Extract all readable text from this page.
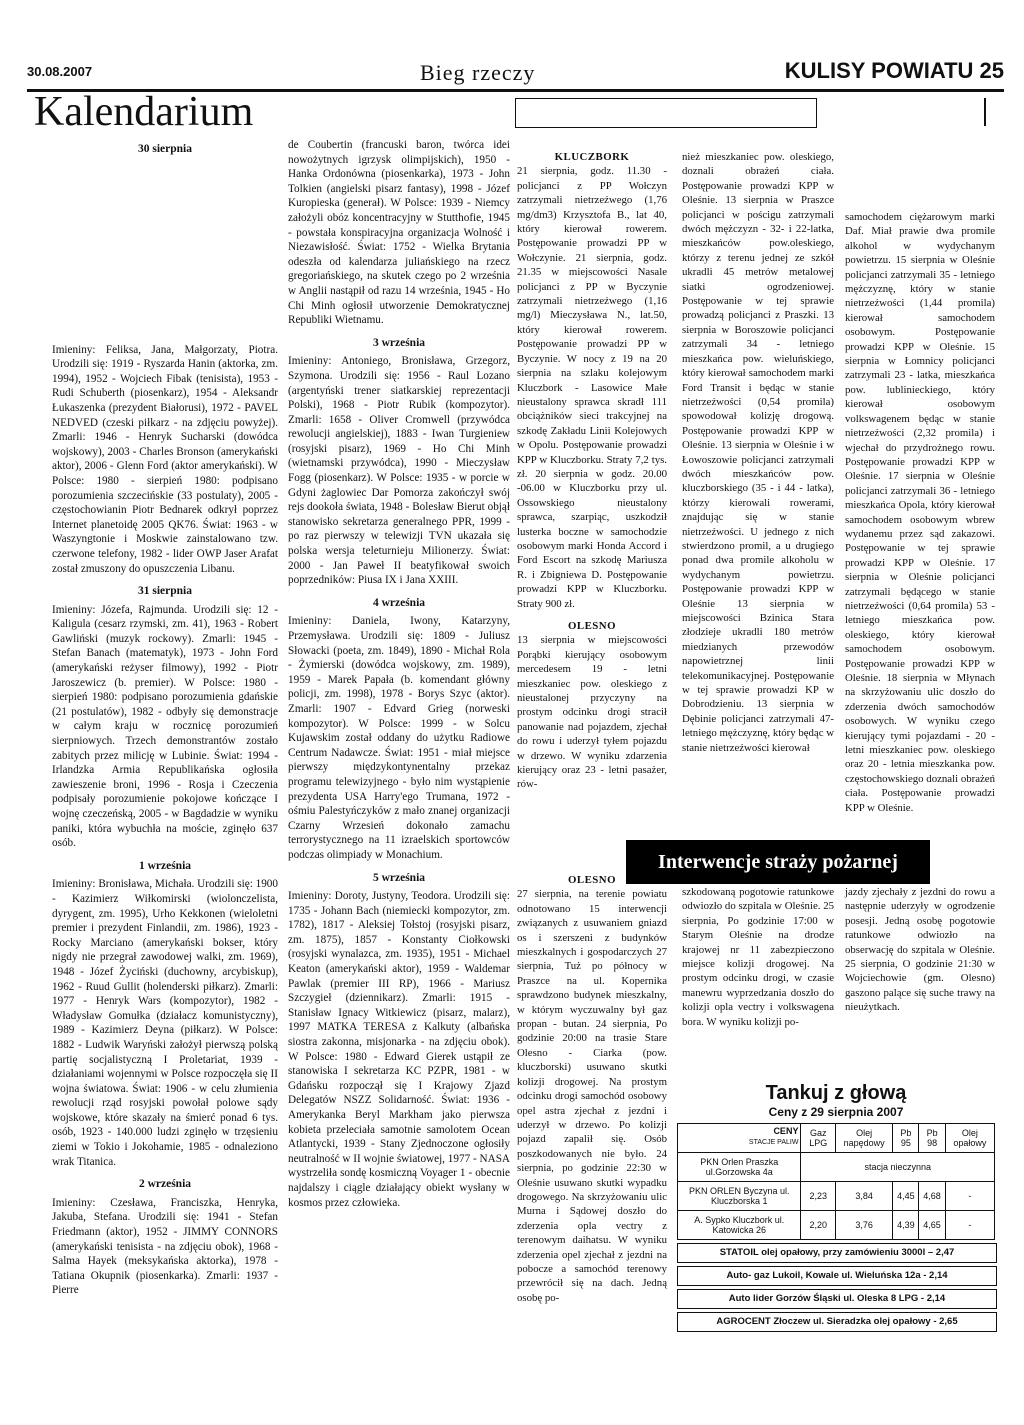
30.08.2007	Bieg rzeczy	KULISY POWIATU 25
Kalendarium
30 sierpnia

Imieniny: Feliksa, Jana, Małgorzaty, Piotra. Urodzili się: 1919 - Ryszarda Hanin (aktorka, zm. 1994), 1952 - Wojciech Fibak (tenisista), 1953 - Rudi Schuberth (piosenkarz), 1954 - Aleksandr Łukaszenka (prezydent Białorusi), 1972 - PAVEL NEDVED (czeski piłkarz - na zdjęciu powyżej). Zmarli: 1946 - Henryk Sucharski (dowódca wojskowy), 2003 - Charles Bronson (amerykański aktor), 2006 - Glenn Ford (aktor amerykański). W Polsce: 1980 - sierpień 1980: podpisano porozumienia szczecińskie (33 postulaty), 2005 - częstochowianin Piotr Bednarek odkrył poprzez Internet planetoidę 2005 QK76. Świat: 1963 - w Waszyngtonie i Moskwie zainstalowano tzw. czerwone telefony, 1982 - lider OWP Jaser Arafat został zmuszony do opuszczenia Libanu.

31 sierpnia

Imieniny: Józefa, Rajmunda. Urodzili się: 12 - Kaligula (cesarz rzymski, zm. 41), 1963 - Robert Gawliński (muzyk rockowy). Zmarli: 1945 - Stefan Banach (matematyk), 1973 - John Ford (amerykański reżyser filmowy), 1992 - Piotr Jaroszewicz (b. premier). W Polsce: 1980 - sierpień 1980: podpisano porozumienia gdańskie (21 postulatów), 1982 - odbyły się demonstracje w całym kraju w rocznicę porozumień sierpniowych. Trzech demonstrantów zostało zabitych przez milicję w Lubinie. Świat: 1994 - Irlandzka Armia Republikańska ogłosiła zawieszenie broni, 1996 - Rosja i Czeczenia podpisały porozumienie pokojowe kończące I wojnę czeczeńską, 2005 - w Bagdadzie w wyniku paniki, która wybuchła na moście, zginęło 637 osób.

1 września

Imieniny: Bronisława, Michała. Urodzili się: 1900 - Kazimierz Wiłkomirski (wiolonczelista, dyrygent, zm. 1995), Urho Kekkonen (wieloletni premier i prezydent Finlandii, zm. 1986), 1923 - Rocky Marciano (amerykański bokser, który nigdy nie przegrał zawodowej walki, zm. 1969), 1948 - Józef Życiński (duchowny, arcybiskup), 1962 - Ruud Gullit (holenderski piłkarz). Zmarli: 1977 - Henryk Wars (kompozytor), 1982 - Władysław Gomułka (działacz komunistyczny), 1989 - Kazimierz Deyna (piłkarz). W Polsce: 1882 - Ludwik Waryński założył pierwszą polską partię socjalistyczną I Proletariat, 1939 - działaniami wojennymi w Polsce rozpoczęła się II wojna światowa. Świat: 1906 - w celu złumienia rewolucji rząd rosyjski powołał polowe sądy wojskowe, które skazały na śmierć ponad 6 tys. osób, 1923 - 140.000 ludzi zginęło w trzęsieniu ziemi w Tokio i Jokohamie, 1985 - odnaleziono wrak Titanica.

2 września

Imieniny: Czesława, Franciszka, Henryka, Jakuba, Stefana. Urodzili się: 1941 - Stefan Friedmann (aktor), 1952 - JIMMY CONNORS (amerykański tenisista - na zdjęciu obok), 1968 - Salma Hayek (meksykańska aktorka), 1978 - Tatiana Okupnik (piosenkarka). Zmarli: 1937 - Pierre

de Coubertin (francuski baron, twórca idei nowożytnych igrzysk olimpijskich), 1950 - Hanka Ordonówna (piosenkarka), 1973 - John Tolkien (angielski pisarz fantasy), 1998 - Józef Kuropieska (generał). W Polsce: 1939 - Niemcy założyli obóz koncentracyjny w Stutthofie, 1945 - powstała konspiracyjna organizacja Wolność i Niezawisłość. Świat: 1752 - Wielka Brytania odeszła od kalendarza juliańskiego na rzecz gregoriańskiego, na skutek czego po 2 września w Anglii nastąpił od razu 14 września, 1945 - Ho Chi Minh ogłosił utworzenie Demokratycznej Republiki Wietnamu.

3 września

Imieniny: Antoniego, Bronisława, Grzegorz, Szymona. Urodzili się: 1956 - Raul Lozano (argentyński trener siatkarskiej reprezentacji Polski), 1968 - Piotr Rubik (kompozytor). Zmarli: 1658 - Oliver Cromwell (przywódca rewolucji angielskiej), 1883 - Iwan Turgieniew (rosyjski pisarz), 1969 - Ho Chi Minh (wietnamski przywódca), 1990 - Mieczysław Fogg (piosenkarz). W Polsce: 1935 - w porcie w Gdyni żaglowiec Dar Pomorza zakończył swój rejs dookoła świata, 1948 - Bolesław Bierut objął stanowisko sekretarza generalnego PPR, 1999 - po raz pierwszy w telewizji TVN ukazała się polska wersja teleturnieju Milionerzy. Świat: 2000 - Jan Paweł II beatyfikował swoich poprzedników: Piusa IX i Jana XXIII.

4 września

Imieniny: Daniela, Iwony, Katarzyny, Przemysława. Urodzili się: 1809 - Juliusz Słowacki (poeta, zm. 1849), 1890 - Michał Rola - Żymierski (dowódca wojskowy, zm. 1989), 1959 - Marek Papała (b. komendant główny policji, zm. 1998), 1978 - Borys Szyc (aktor). Zmarli: 1907 - Edvard Grieg (norweski kompozytor). W Polsce: 1999 - w Solcu Kujawskim został oddany do użytku Radiowe Centrum Nadawcze. Świat: 1951 - miał miejsce pierwszy międzykontynentalny przekaz programu telewizyjnego - było nim wystąpienie prezydenta USA Harry'ego Trumana, 1972 - ośmiu Palestyńczyków z mało znanej organizacji Czarny Wrzesień dokonało zamachu terrorystycznego na 11 izraelskich sportowców podczas olimpiady w Monachium.

5 września

Imieniny: Doroty, Justyny, Teodora. Urodzili się: 1735 - Johann Bach (niemiecki kompozytor, zm. 1782), 1817 - Aleksiej Tołstoj (rosyjski pisarz, zm. 1875), 1857 - Konstanty Ciołkowski (rosyjski wynalazca, zm. 1935), 1951 - Michael Keaton (amerykański aktor), 1959 - Waldemar Pawlak (premier III RP), 1966 - Mariusz Szczygieł (dziennikarz). Zmarli: 1915 - Stanisław Ignacy Witkiewicz (pisarz, malarz), 1997 MATKA TERESA z Kalkuty (albańska siostra zakonna, misjonarka - na zdjęciu obok). W Polsce: 1980 - Edward Gierek ustąpił ze stanowiska I sekretarza KC PZPR, 1981 - w Gdańsku rozpoczął się I Krajowy Zjazd Delegatów NSZZ Solidarność. Świat: 1936 - Amerykanka Beryl Markham jako pierwsza kobieta przeleciała samotnie samolotem Ocean Atlantycki, 1939 - Stany Zjednoczone ogłosiły neutralność w II wojnie światowej, 1977 - NASA wystrzeliła sondę kosmiczną Voyager 1 - obecnie najdalszy i ciągle działający obiekt wysłany w kosmos przez człowieka.

KLUCZBORK

21 sierpnia, godz. 11.30 - policjanci z PP Wołczyn zatrzymali nietrzeźwego (1,76 mg/dm3) Krzysztofa B., lat 40, który kierował rowerem. Postępowanie prowadzi PP w Wołczynie. 21 sierpnia, godz. 21.35 w miejscowości Nasale policjanci z PP w Byczynie zatrzymali nietrzeźwego (1,16 mg/l) Mieczysława N., lat.50, który kierował rowerem. Postępowanie prowadzi PP w Byczynie. W nocy z 19 na 20 sierpnia na szlaku kolejowym Kluczbork - Lasowice Małe nieustalony sprawca skradł 111 obciążników sieci trakcyjnej na szkodę Zakładu Linii Kolejowych w Opolu. Postępowanie prowadzi KPP w Kluczborku. Straty 7,2 tys. zł. 20 sierpnia w godz. 20.00 -06.00 w Kluczborku przy ul. Ossowskiego nieustalony sprawca, szarpiąc, uszkodził lusterka boczne w samochodzie osobowym marki Honda Accord i Ford Escort na szkodę Mariusza R. i Zbigniewa D. Postępowanie prowadzi KPP w Kluczborku. Straty 900 zł.

OLESNO

13 sierpnia w miejscowości Porąbki kierujący osobowym mercedesem 19 - letni mieszkaniec pow. oleskiego z nieustalonej przyczyny na prostym odcinku drogi stracił panowanie nad pojazdem, zjechał do rowu i uderzył tyłem pojazdu w drzewo. W wyniku zdarzenia kierujący oraz 23 - letni pasażer, rów-

nież mieszkaniec pow. oleskiego, doznali obrażeń ciała. Postępowanie prowadzi KPP w Oleśnie. 13 sierpnia w Praszce policjanci w pościgu zatrzymali dwóch mężczyzn - 32- i 22-latka, mieszkańców pow.oleskiego, którzy z terenu jednej ze szkół ukradli 45 metrów metalowej siatki ogrodzeniowej. Postępowanie w tej sprawie prowadzą policjanci z Praszki. 13 sierpnia w Boroszowie policjanci zatrzymali 34 - letniego mieszkańca pow. wieluńskiego, który kierował samochodem marki Ford Transit i będąc w stanie nietrzeźwości (0,54 promila) spowodował kolizję drogową. Postępowanie prowadzi KPP w Oleśnie. 13 sierpnia w Oleśnie i w Łowoszowie policjanci zatrzymali dwóch mieszkańców pow. kluczborskiego (35 - i 44 - latka), którzy kierowali rowerami, znajdując się w stanie nietrzeźwości. U jednego z nich stwierdzono promil, a u drugiego ponad dwa promile alkoholu w wydychanym powietrzu. Postępowanie prowadzi KPP w Oleśnie 13 sierpnia w miejscowości Bzinica Stara złodzieje ukradli 180 metrów miedzianych przewodów napowietrznej linii telekomunikacyjnej. Postępowanie w tej sprawie prowadzi KP w Dobrodzieniu. 13 sierpnia w Dębinie policjanci zatrzymali 47- letniego mężczyznę, który będąc w stanie nietrzeźwości kierował

samochodem ciężarowym marki Daf. Miał prawie dwa promile alkohol w wydychanym powietrzu. 15 sierpnia w Oleśnie policjanci zatrzymali 35 - letniego mężczyznę, który w stanie nietrzeźwości (1,44 promila) kierował samochodem osobowym. Postępowanie prowadzi KPP w Oleśnie. 15 sierpnia w Łomnicy policjanci zatrzymali 23 - latka, mieszkańca pow. lublinieckiego, który kierował osobowym volkswagenem będąc w stanie nietrzeźwości (2,32 promila) i wjechał do przydrożnego rowu. Postępowanie prowadzi KPP w Oleśnie. 17 sierpnia w Oleśnie policjanci zatrzymali 36 - letniego mieszkańca Opola, który kierował samochodem osobowym wbrew wydanemu przez sąd zakazowi. Postępowanie w tej sprawie prowadzi KPP w Oleśnie. 17 sierpnia w Oleśnie policjanci zatrzymali będącego w stanie nietrzeźwości (0,64 promila) 53 - letniego mieszkańca pow. oleskiego, który kierował samochodem osobowym. Postępowanie prowadzi KPP w Oleśnie. 18 sierpnia w Młynach na skrzyżowaniu ulic doszło do zderzenia dwóch samochodów osobowych. W wyniku czego kierujący tymi pojazdami - 20 - letni mieszkaniec pow. oleskiego oraz 20 - letnia mieszkanka pow. częstochowskiego doznali obrażeń ciała. Postępowanie prowadzi KPP w Oleśnie.

Interwencje straży pożarnej
OLESNO

27 sierpnia, na terenie powiatu odnotowano 15 interwencji związanych z usuwaniem gniazd os i szerszeni z budynków mieszkalnych i gospodarczych 27 sierpnia, Tuż po północy w Praszce na ul. Kopernika sprawdzono budynek mieszkalny, w którym wyczuwalny był gaz propan - butan. 24 sierpnia, Po godzinie 20:00 na trasie Stare Olesno - Ciarka (pow. kluczborski) usuwano skutki kolizji drogowej. Na prostym odcinku drogi samochód osobowy opel astra zjechał z jezdni i uderzył w drzewo. Po kolizji pojazd zapalił się. Osób poszkodowanych nie było. 24 sierpnia, po godzinie 22:30 w Oleśnie usuwano skutki wypadku drogowego. Na skrzyżowaniu ulic Murna i Sądowej doszło do zderzenia opla vectry z terenowym daihatsu. W wyniku zderzenia opel zjechał z jezdni na pobocze a samochód terenowy przewrócił się na dach. Jedną osobę po-

szkodowaną pogotowie ratunkowe odwiozło do szpitala w Oleśnie. 25 sierpnia, Po godzinie 17:00 w Starym Oleśnie na drodze krajowej nr 11 zabezpieczono miejsce kolizji drogowej. Na prostym odcinku drogi, w czasie manewru wyprzedzania doszło do kolizji opla vectry i volkswagena bora. W wyniku kolizji po-

jazdy zjechały z jezdni do rowu a następnie uderzyły w ogrodzenie posesji. Jedną osobę pogotowie ratunkowe odwiozło na obserwację do szpitala w Oleśnie. 25 sierpnia, O godzinie 21:30 w Wojciechowie (gm. Olesno) gaszono palące się suche trawy na nieużytkach.

Tankuj z głową
Ceny z 29 sierpnia 2007
CENY
STACJE PALIW	Gaz LPG	Olej napędowy	Pb 95	Pb 98	Olej opałowy
PKN Orlen Praszka ul.Gorzowska 4a	stacja nieczynna				
PKN ORLEN Byczyna ul. Kluczborska 1	2,23	3,84	4,45	4,68	-
A. Sypko Kluczbork ul. Katowicka 26	2,20	3,76	4,39	4,65	-
STATOIL olej opałowy, przy zamówieniu 3000l – 2,47
Auto- gaz Lukoil, Kowale ul. Wieluńska 12a - 2,14
Auto lider Gorzów Śląski ul. Oleska 8 LPG - 2,14
AGROCENT Złoczew ul. Sieradzka olej opałowy - 2,65
